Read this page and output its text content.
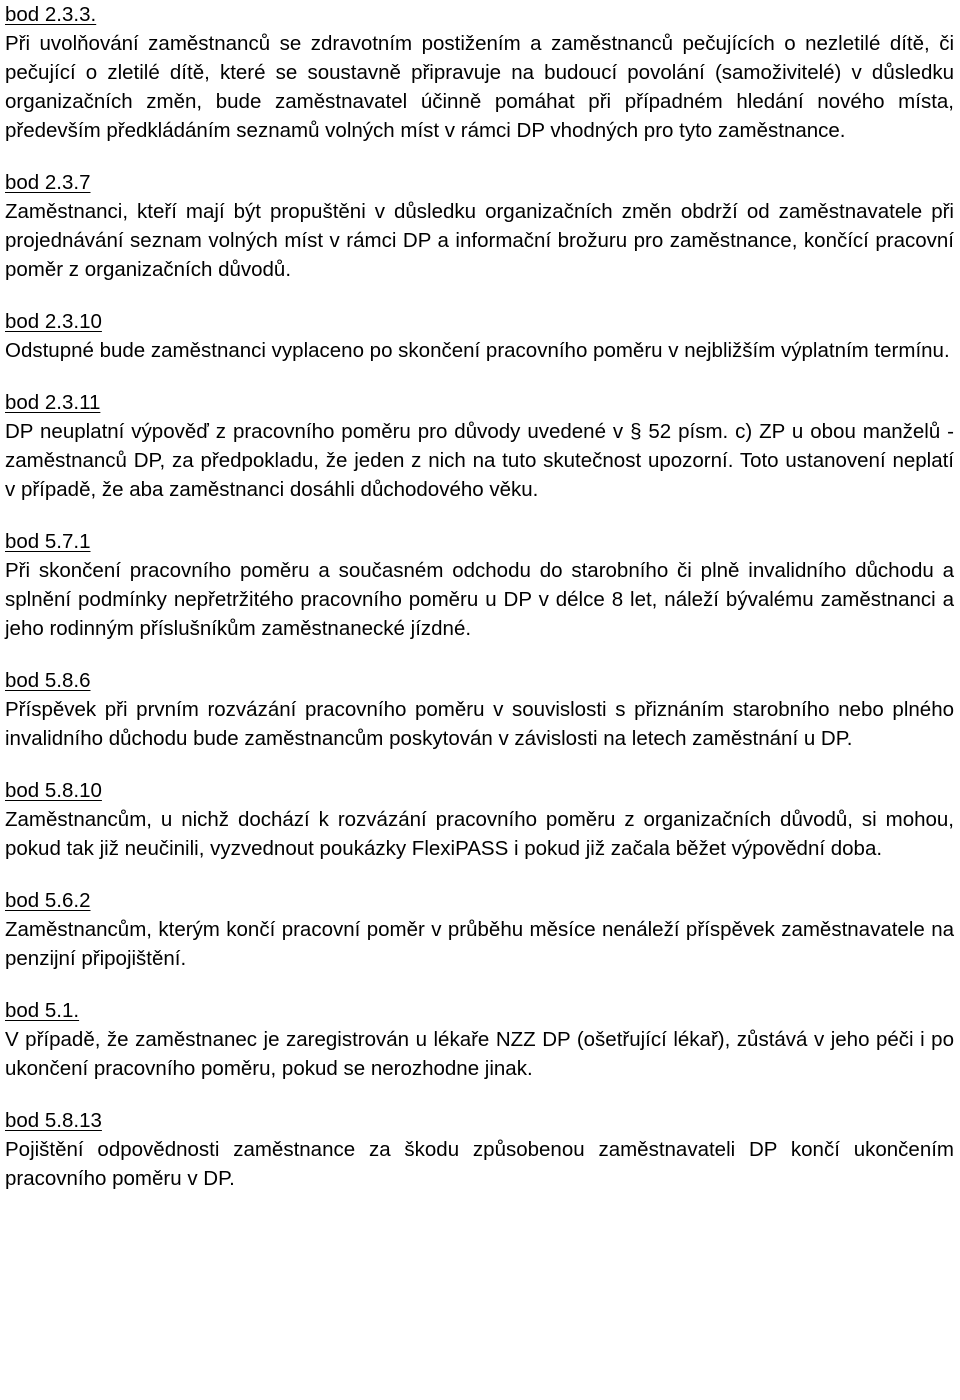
bod 2.3.3.

Při uvolňování zaměstnanců se zdravotním postižením a zaměstnanců pečujících o nezletilé dítě, či pečující o zletilé dítě, které se soustavně připravuje na budoucí povolání (samoživitelé) v důsledku organizačních změn, bude zaměstnavatel účinně pomáhat při případném hledání nového místa, především předkládáním seznamů volných míst v rámci DP vhodných pro tyto zaměstnance.

bod 2.3.7

Zaměstnanci, kteří mají být propuštěni v důsledku organizačních změn obdrží od zaměstnavatele při projednávání seznam volných míst v rámci DP a informační brožuru pro zaměstnance, končící pracovní poměr z organizačních důvodů.

bod 2.3.10

Odstupné bude zaměstnanci vyplaceno po skončení pracovního poměru v nejbližším výplatním termínu.

bod 2.3.11

DP neuplatní výpověď z pracovního poměru pro důvody uvedené v § 52 písm. c) ZP u obou manželů - zaměstnanců DP, za předpokladu, že jeden z nich na tuto skutečnost upozorní. Toto ustanovení neplatí v případě, že aba zaměstnanci dosáhli důchodového věku.

bod 5.7.1

Při skončení pracovního poměru a současném odchodu do starobního či plně invalidního důchodu a splnění podmínky nepřetržitého pracovního poměru u DP v délce 8 let, náleží bývalému zaměstnanci a jeho rodinným příslušníkům zaměstnanecké jízdné.

bod 5.8.6

Příspěvek při prvním rozvázání pracovního poměru v souvislosti s přiznáním starobního nebo plného invalidního důchodu bude zaměstnancům poskytován v závislosti na letech zaměstnání u DP.

bod 5.8.10

Zaměstnancům, u nichž dochází k rozvázání pracovního poměru z organizačních důvodů, si mohou, pokud tak již neučinili, vyzvednout poukázky FlexiPASS i pokud již začala běžet výpovědní doba.

bod 5.6.2

Zaměstnancům, kterým končí pracovní poměr v průběhu měsíce nenáleží příspěvek zaměstnavatele na penzijní připojištění.

bod 5.1.

V případě, že zaměstnanec je zaregistrován u lékaře NZZ DP (ošetřující lékař), zůstává v jeho péči i po ukončení pracovního poměru, pokud se nerozhodne jinak.

bod 5.8.13

Pojištění odpovědnosti zaměstnance za škodu způsobenou zaměstnavateli DP končí ukončením pracovního poměru v DP.
